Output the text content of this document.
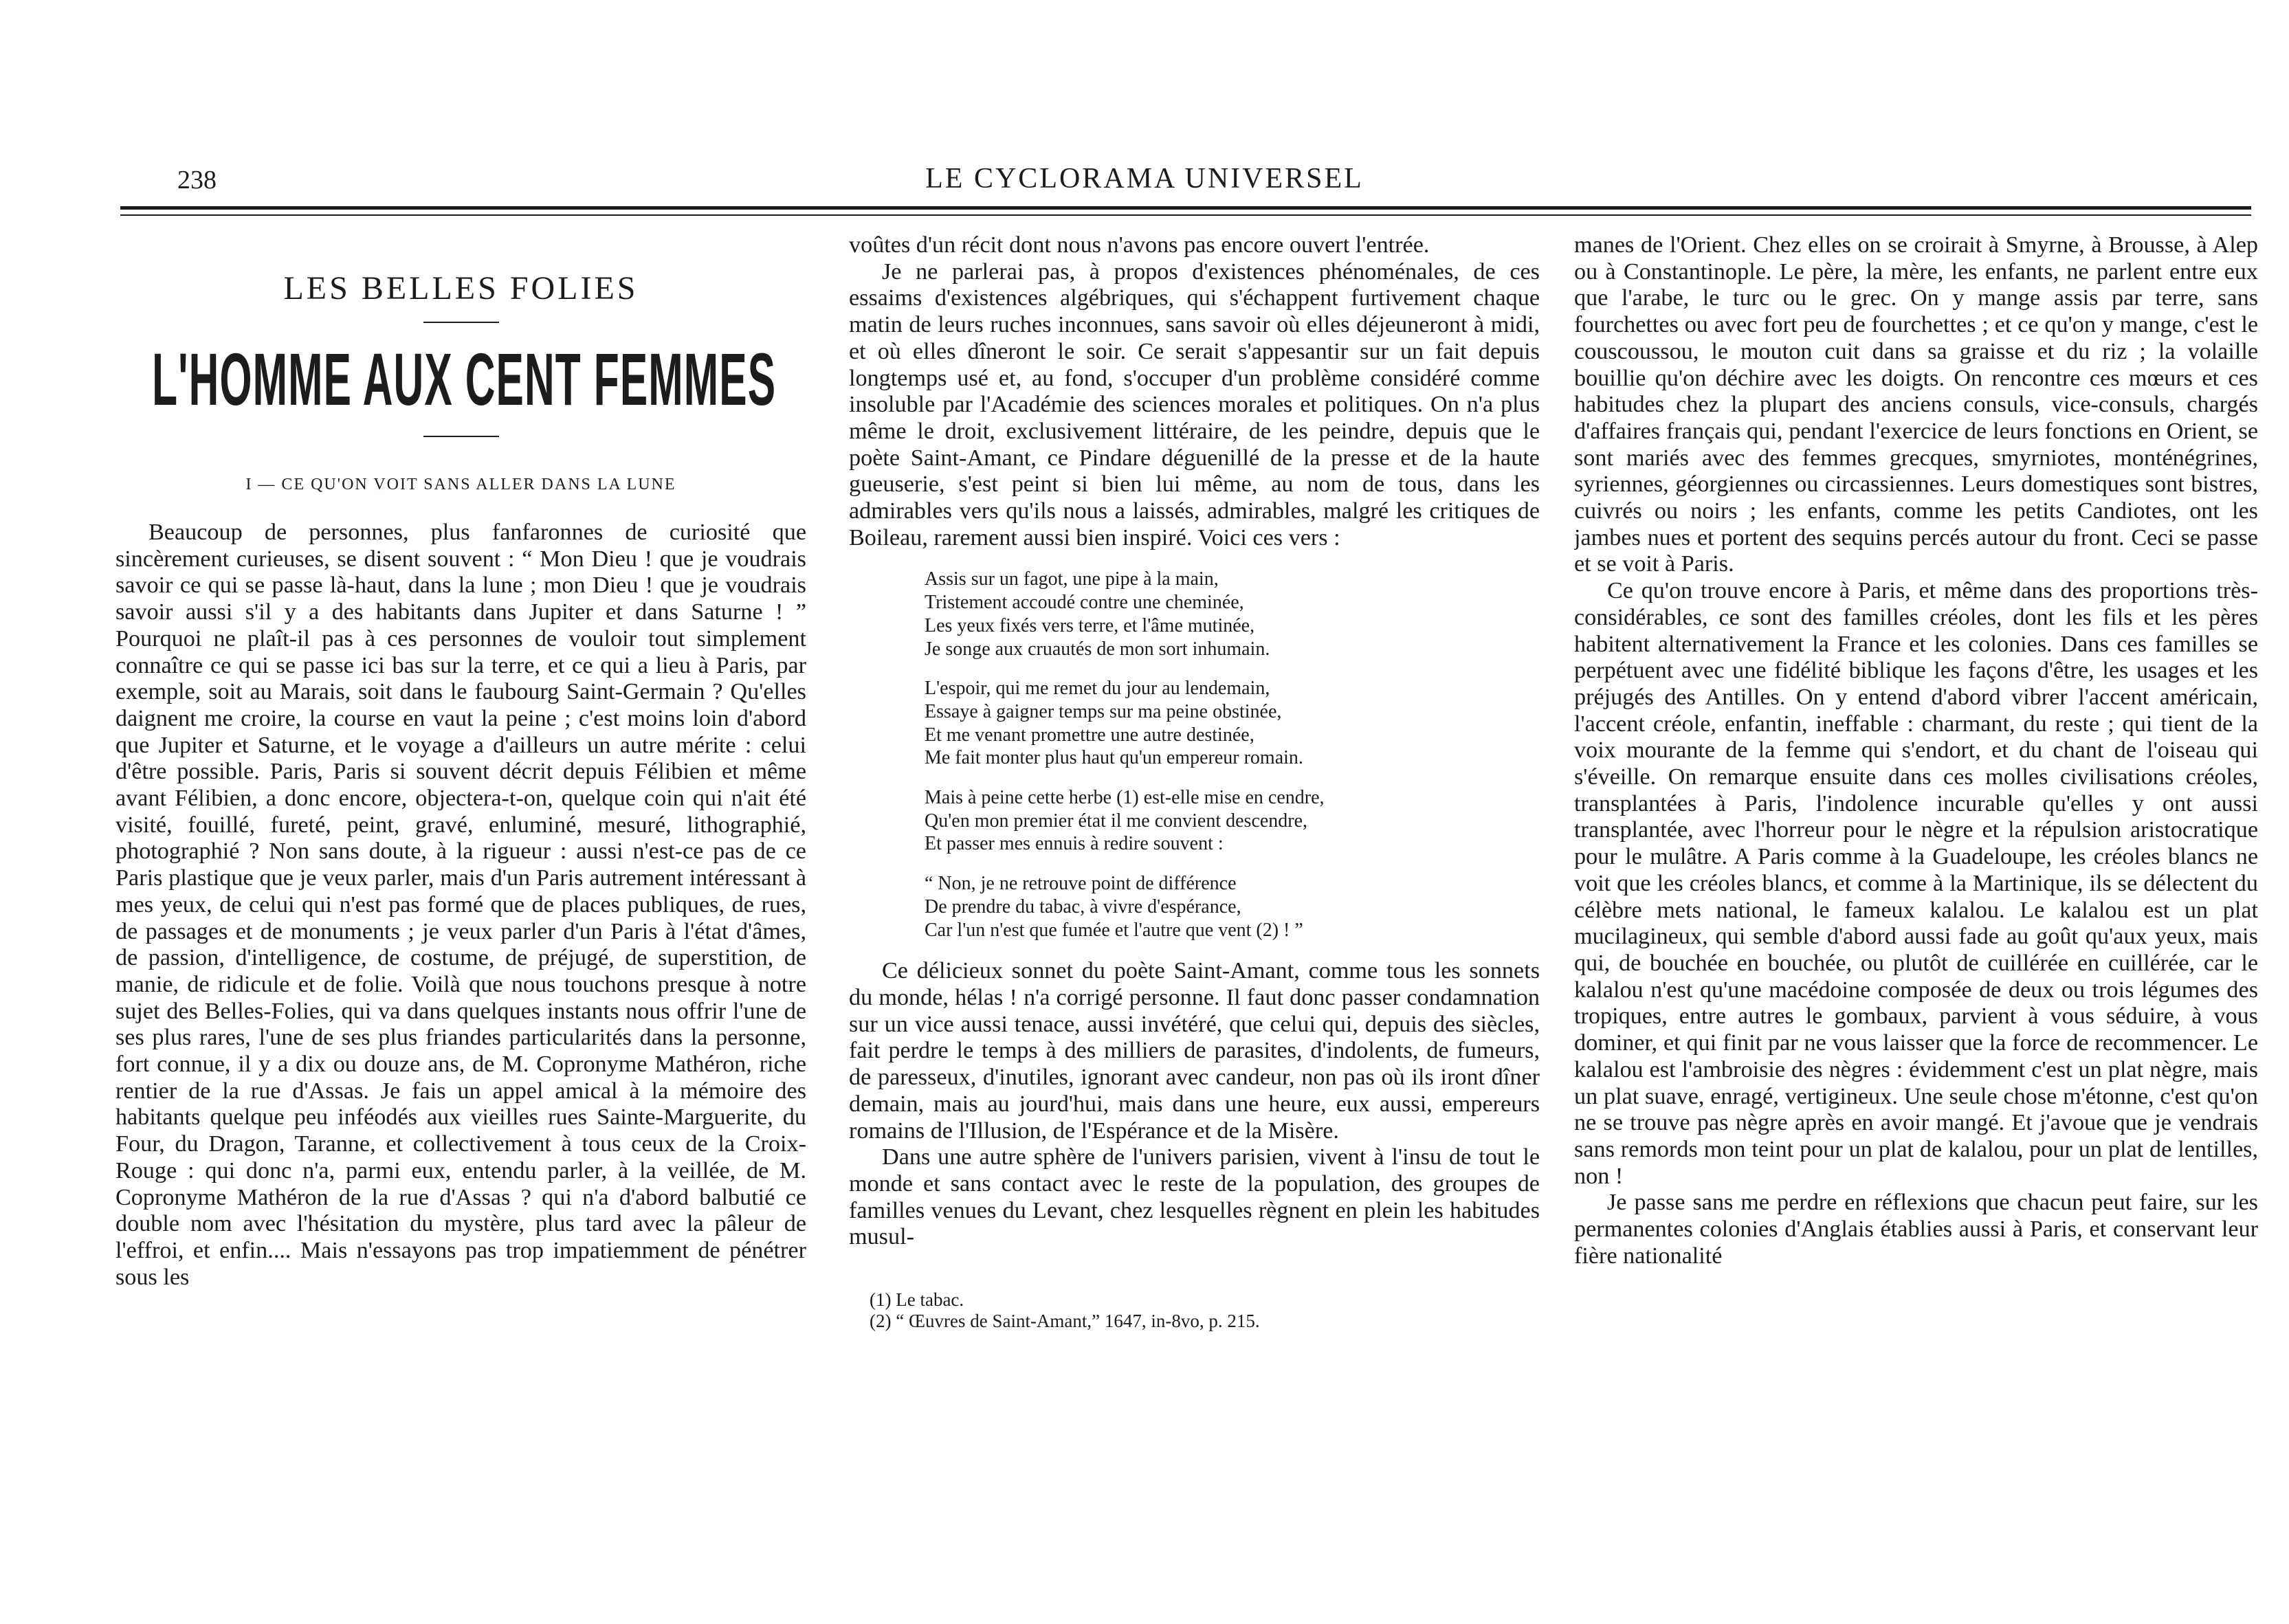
238	LE CYCLORAMA UNIVERSEL
LES BELLES FOLIES
L'HOMME AUX CENT FEMMES
I — CE QU'ON VOIT SANS ALLER DANS LA LUNE

Beaucoup de personnes, plus fanfaronnes de curiosité que sincèrement curieuses, se disent souvent : “ Mon Dieu ! que je voudrais savoir ce qui se passe là-haut, dans la lune ; mon Dieu ! que je voudrais savoir aussi s'il y a des habitants dans Jupiter et dans Saturne ! ” Pourquoi ne plaît-il pas à ces personnes de vouloir tout simplement connaître ce qui se passe ici bas sur la terre, et ce qui a lieu à Paris, par exemple, soit au Marais, soit dans le faubourg Saint-Germain ? Qu'elles daignent me croire, la course en vaut la peine ; c'est moins loin d'abord que Jupiter et Saturne, et le voyage a d'ailleurs un autre mérite : celui d'être possible. Paris, Paris si souvent décrit depuis Félibien et même avant Félibien, a donc encore, objectera-t-on, quelque coin qui n'ait été visité, fouillé, fureté, peint, gravé, enluminé, mesuré, lithographié, photographié ? Non sans doute, à la rigueur : aussi n'est-ce pas de ce Paris plastique que je veux parler, mais d'un Paris autrement intéressant à mes yeux, de celui qui n'est pas formé que de places publiques, de rues, de passages et de monuments ; je veux parler d'un Paris à l'état d'âmes, de passion, d'intelligence, de costume, de préjugé, de superstition, de manie, de ridicule et de folie. Voilà que nous touchons presque à notre sujet des Belles-Folies, qui va dans quelques instants nous offrir l'une de ses plus rares, l'une de ses plus friandes particularités dans la personne, fort connue, il y a dix ou douze ans, de M. Copronyme Mathéron, riche rentier de la rue d'Assas. Je fais un appel amical à la mémoire des habitants quelque peu inféodés aux vieilles rues Sainte-Marguerite, du Four, du Dragon, Taranne, et collectivement à tous ceux de la Croix-Rouge : qui donc n'a, parmi eux, entendu parler, à la veillée, de M. Copronyme Mathéron de la rue d'Assas ? qui n'a d'abord balbutié ce double nom avec l'hésitation du mystère, plus tard avec la pâleur de l'effroi, et enfin.... Mais n'essayons pas trop impatiemment de pénétrer sous les

voûtes d'un récit dont nous n'avons pas encore ouvert l'entrée.

Je ne parlerai pas, à propos d'existences phénoménales, de ces essaims d'existences algébriques, qui s'échappent furtivement chaque matin de leurs ruches inconnues, sans savoir où elles déjeuneront à midi, et où elles dîneront le soir. Ce serait s'appesantir sur un fait depuis longtemps usé et, au fond, s'occuper d'un problème considéré comme insoluble par l'Académie des sciences morales et politiques. On n'a plus même le droit, exclusivement littéraire, de les peindre, depuis que le poète Saint-Amant, ce Pindare déguenillé de la presse et de la haute gueuserie, s'est peint si bien lui même, au nom de tous, dans les admirables vers qu'ils nous a laissés, admirables, malgré les critiques de Boileau, rarement aussi bien inspiré. Voici ces vers :

Assis sur un fagot, une pipe à la main,
Tristement accoudé contre une cheminée,
Les yeux fixés vers terre, et l'âme mutinée,
Je songe aux cruautés de mon sort inhumain.
L'espoir, qui me remet du jour au lendemain,
Essaye à gaigner temps sur ma peine obstinée,
Et me venant promettre une autre destinée,
Me fait monter plus haut qu'un empereur romain.
Mais à peine cette herbe (1) est-elle mise en cendre,
Qu'en mon premier état il me convient descendre,
Et passer mes ennuis à redire souvent :
“ Non, je ne retrouve point de différence
De prendre du tabac, à vivre d'espérance,
Car l'un n'est que fumée et l'autre que vent (2) ! ”

Ce délicieux sonnet du poète Saint-Amant, comme tous les sonnets du monde, hélas ! n'a corrigé personne. Il faut donc passer condamnation sur un vice aussi tenace, aussi invétéré, que celui qui, depuis des siècles, fait perdre le temps à des milliers de parasites, d'indolents, de fumeurs, de paresseux, d'inutiles, ignorant avec candeur, non pas où ils iront dîner demain, mais au jourd'hui, mais dans une heure, eux aussi, empereurs romains de l'Illusion, de l'Espérance et de la Misère.

Dans une autre sphère de l'univers parisien, vivent à l'insu de tout le monde et sans contact avec le reste de la population, des groupes de familles venues du Levant, chez lesquelles règnent en plein les habitudes musul-

(1) Le tabac.
(2) “ Œuvres de Saint-Amant,” 1647, in-8vo, p. 215.

manes de l'Orient. Chez elles on se croirait à Smyrne, à Brousse, à Alep ou à Constantinople. Le père, la mère, les enfants, ne parlent entre eux que l'arabe, le turc ou le grec. On y mange assis par terre, sans fourchettes ou avec fort peu de fourchettes ; et ce qu'on y mange, c'est le couscoussou, le mouton cuit dans sa graisse et du riz ; la volaille bouillie qu'on déchire avec les doigts. On rencontre ces mœurs et ces habitudes chez la plupart des anciens consuls, vice-consuls, chargés d'affaires français qui, pendant l'exercice de leurs fonctions en Orient, se sont mariés avec des femmes grecques, smyrniotes, monténégrines, syriennes, géorgiennes ou circassiennes. Leurs domestiques sont bistres, cuivrés ou noirs ; les enfants, comme les petits Candiotes, ont les jambes nues et portent des sequins percés autour du front. Ceci se passe et se voit à Paris.

Ce qu'on trouve encore à Paris, et même dans des proportions très-considérables, ce sont des familles créoles, dont les fils et les pères habitent alternativement la France et les colonies. Dans ces familles se perpétuent avec une fidélité biblique les façons d'être, les usages et les préjugés des Antilles. On y entend d'abord vibrer l'accent américain, l'accent créole, enfantin, ineffable : charmant, du reste ; qui tient de la voix mourante de la femme qui s'endort, et du chant de l'oiseau qui s'éveille. On remarque ensuite dans ces molles civilisations créoles, transplantées à Paris, l'indolence incurable qu'elles y ont aussi transplantée, avec l'horreur pour le nègre et la répulsion aristocratique pour le mulâtre. A Paris comme à la Guadeloupe, les créoles blancs ne voit que les créoles blancs, et comme à la Martinique, ils se délectent du célèbre mets national, le fameux kalalou. Le kalalou est un plat mucilagineux, qui semble d'abord aussi fade au goût qu'aux yeux, mais qui, de bouchée en bouchée, ou plutôt de cuillérée en cuillérée, car le kalalou n'est qu'une macédoine composée de deux ou trois légumes des tropiques, entre autres le gombaux, parvient à vous séduire, à vous dominer, et qui finit par ne vous laisser que la force de recommencer. Le kalalou est l'ambroisie des nègres : évidemment c'est un plat nègre, mais un plat suave, enragé, vertigineux. Une seule chose m'étonne, c'est qu'on ne se trouve pas nègre après en avoir mangé. Et j'avoue que je vendrais sans remords mon teint pour un plat de kalalou, pour un plat de lentilles, non !

Je passe sans me perdre en réflexions que chacun peut faire, sur les permanentes colonies d'Anglais établies aussi à Paris, et conservant leur fière nationalité
